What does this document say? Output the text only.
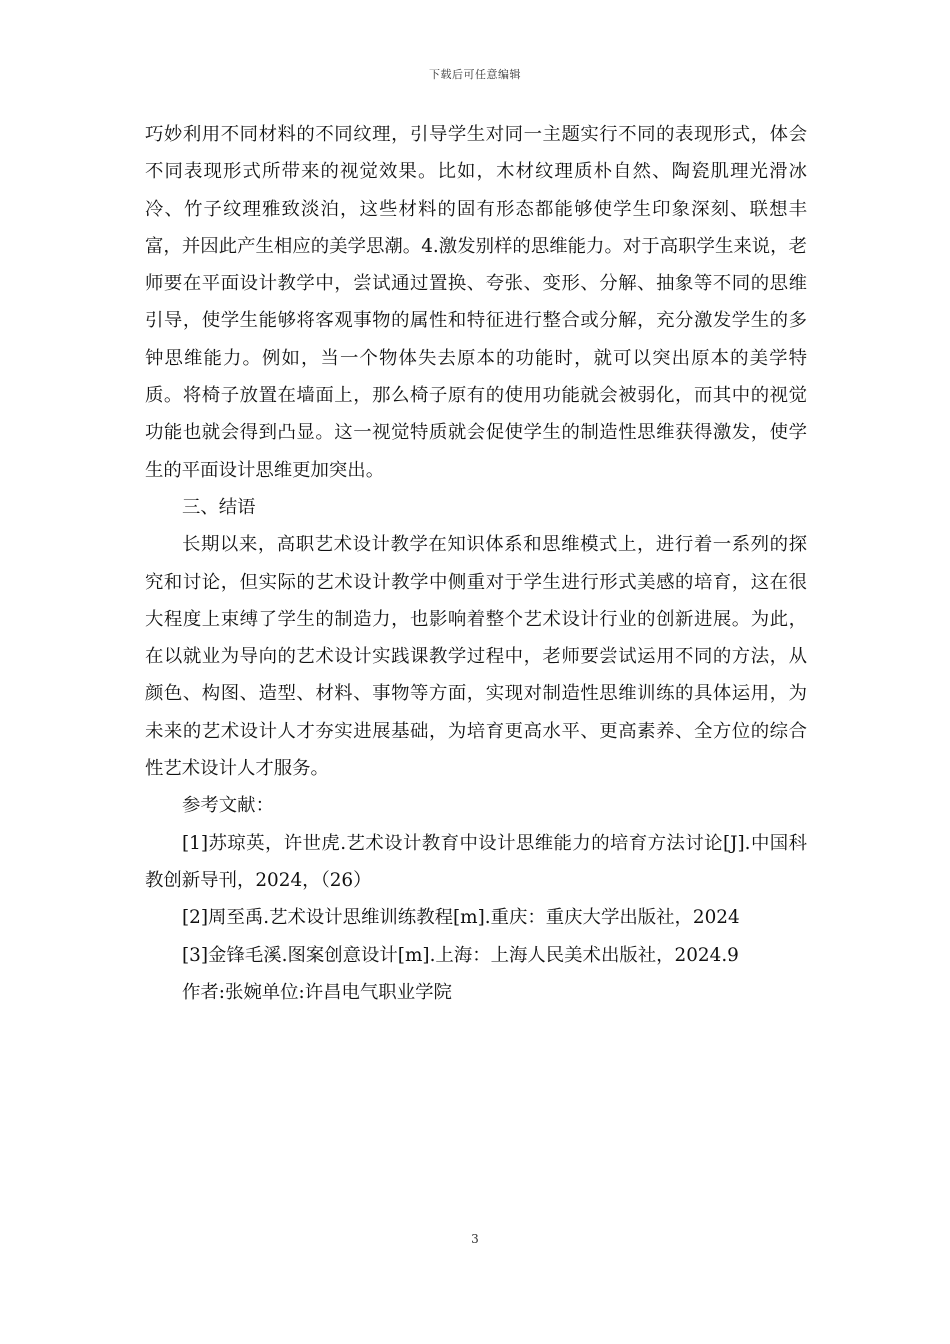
下载后可任意编辑

巧妙利用不同材料的不同纹理，引导学生对同一主题实行不同的表现形式，体会不同表现形式所带来的视觉效果。比如，木材纹理质朴自然、陶瓷肌理光滑冰冷、竹子纹理雅致淡泊，这些材料的固有形态都能够使学生印象深刻、联想丰富，并因此产生相应的美学思潮。4.激发别样的思维能力。对于高职学生来说，老师要在平面设计教学中，尝试通过置换、夸张、变形、分解、抽象等不同的思维引导，使学生能够将客观事物的属性和特征进行整合或分解，充分激发学生的多钟思维能力。例如，当一个物体失去原本的功能时，就可以突出原本的美学特质。将椅子放置在墙面上，那么椅子原有的使用功能就会被弱化，而其中的视觉功能也就会得到凸显。这一视觉特质就会促使学生的制造性思维获得激发，使学生的平面设计思维更加突出。

三、结语

长期以来，高职艺术设计教学在知识体系和思维模式上，进行着一系列的探究和讨论，但实际的艺术设计教学中侧重对于学生进行形式美感的培育，这在很大程度上束缚了学生的制造力，也影响着整个艺术设计行业的创新进展。为此，在以就业为导向的艺术设计实践课教学过程中，老师要尝试运用不同的方法，从颜色、构图、造型、材料、事物等方面，实现对制造性思维训练的具体运用，为未来的艺术设计人才夯实进展基础，为培育更高水平、更高素养、全方位的综合性艺术设计人才服务。

参考文献：

[1]苏琼英，许世虎.艺术设计教育中设计思维能力的培育方法讨论[J].中国科教创新导刊，2024，（26）

[2]周至禹.艺术设计思维训练教程[m].重庆：重庆大学出版社，2024

[3]金锋毛溪.图案创意设计[m].上海：上海人民美术出版社，2024.9

作者:张婉单位:许昌电气职业学院

3
